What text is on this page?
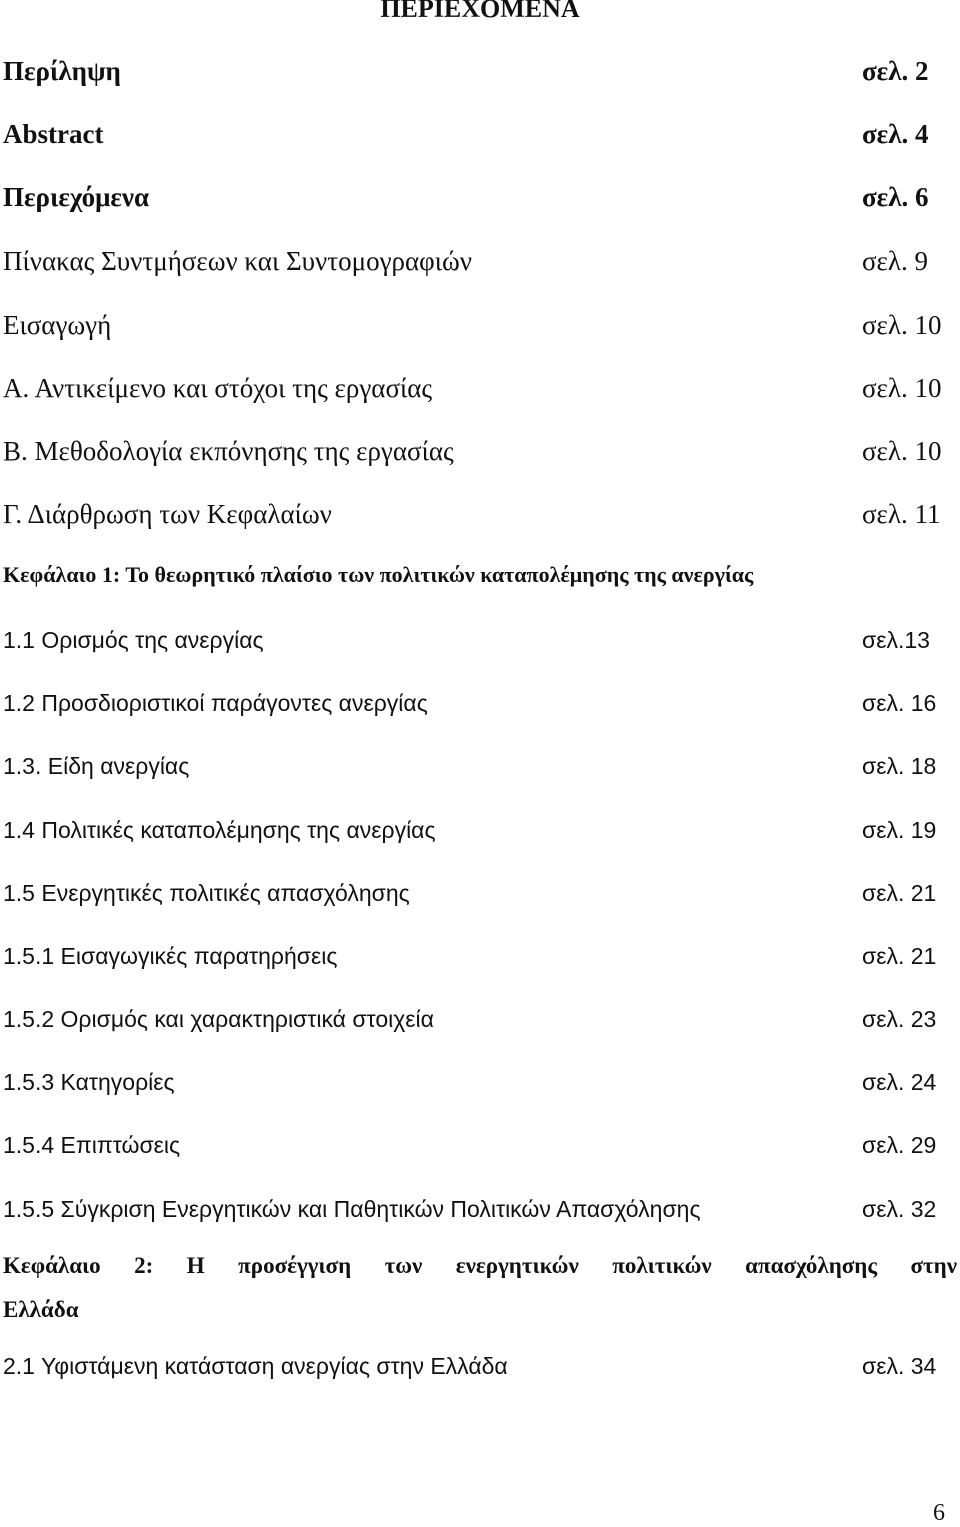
ΠΕΡΙΕΧΟΜΕΝΑ
Περίληψη	σελ. 2
Abstract	σελ. 4
Περιεχόμενα	σελ. 6
Πίνακας Συντμήσεων και Συντομογραφιών	σελ. 9
Εισαγωγή	σελ. 10
Α. Αντικείμενο και στόχοι της εργασίας	σελ. 10
Β. Μεθοδολογία εκπόνησης της εργασίας	σελ. 10
Γ. Διάρθρωση των Κεφαλαίων	σελ. 11
Κεφάλαιο 1: Το θεωρητικό πλαίσιο των πολιτικών καταπολέμησης της ανεργίας
1.1 Ορισμός της ανεργίας	σελ.13
1.2 Προσδιοριστικοί παράγοντες ανεργίας	σελ. 16
1.3. Είδη ανεργίας	σελ. 18
1.4 Πολιτικές καταπολέμησης της ανεργίας	σελ. 19
1.5 Ενεργητικές πολιτικές απασχόλησης	σελ. 21
1.5.1 Εισαγωγικές παρατηρήσεις	σελ. 21
1.5.2 Ορισμός και χαρακτηριστικά στοιχεία	σελ. 23
1.5.3 Κατηγορίες	σελ. 24
1.5.4 Επιπτώσεις	σελ. 29
1.5.5 Σύγκριση Ενεργητικών και Παθητικών Πολιτικών Απασχόλησης	σελ. 32
Κεφάλαιο 2: Η προσέγγιση των ενεργητικών πολιτικών απασχόλησης στην
Ελλάδα
2.1 Υφιστάμενη κατάσταση ανεργίας στην Ελλάδα	σελ. 34
6
